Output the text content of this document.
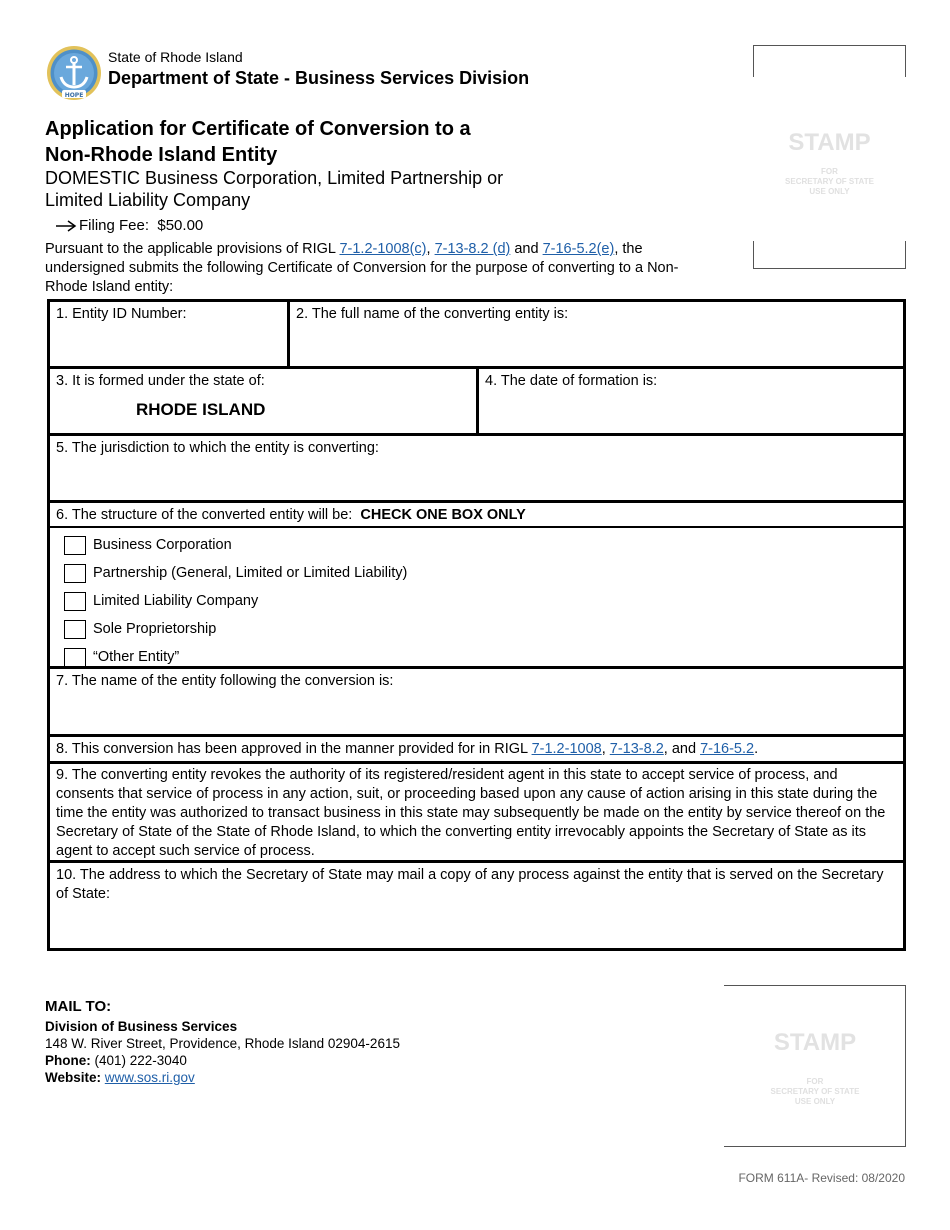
HOPE
State of Rhode Island
Department of State - Business Services Division
Application for Certificate of Conversion to a
Non-Rhode Island Entity
DOMESTIC Business Corporation, Limited Partnership or
Limited Liability Company
Filing Fee: $50.00
Pursuant to the applicable provisions of RIGL 7-1.2-1008(c), 7-13-8.2 (d) and 7-16-5.2(e), the undersigned submits the following Certificate of Conversion for the purpose of converting to a Non-Rhode Island entity:
STAMP
FOR
SECRETARY OF STATE
USE ONLY
1. Entity ID Number:	2. The full name of the converting entity is:
3. It is formed under the state of:
RHODE ISLAND
4. The date of formation is:
5. The jurisdiction to which the entity is converting:
6. The structure of the converted entity will be: CHECK ONE BOX ONLY
Business Corporation
Partnership (General, Limited or Limited Liability)
Limited Liability Company
Sole Proprietorship
“Other Entity”
7. The name of the entity following the conversion is:
8. This conversion has been approved in the manner provided for in RIGL 7-1.2-1008, 7-13-8.2, and 7-16-5.2.
9. The converting entity revokes the authority of its registered/resident agent in this state to accept service of process, and consents that service of process in any action, suit, or proceeding based upon any cause of action arising in this state during the time the entity was authorized to transact business in this state may subsequently be made on the entity by service thereof on the Secretary of State of the State of Rhode Island, to which the converting entity irrevocably appoints the Secretary of State as its agent to accept such service of process.
10. The address to which the Secretary of State may mail a copy of any process against the entity that is served on the Secretary of State:
MAIL TO:
Division of Business Services
148 W. River Street, Providence, Rhode Island 02904-2615
Phone: (401) 222-3040
Website: www.sos.ri.gov
STAMP
FOR
SECRETARY OF STATE
USE ONLY
FORM 611A- Revised: 08/2020
